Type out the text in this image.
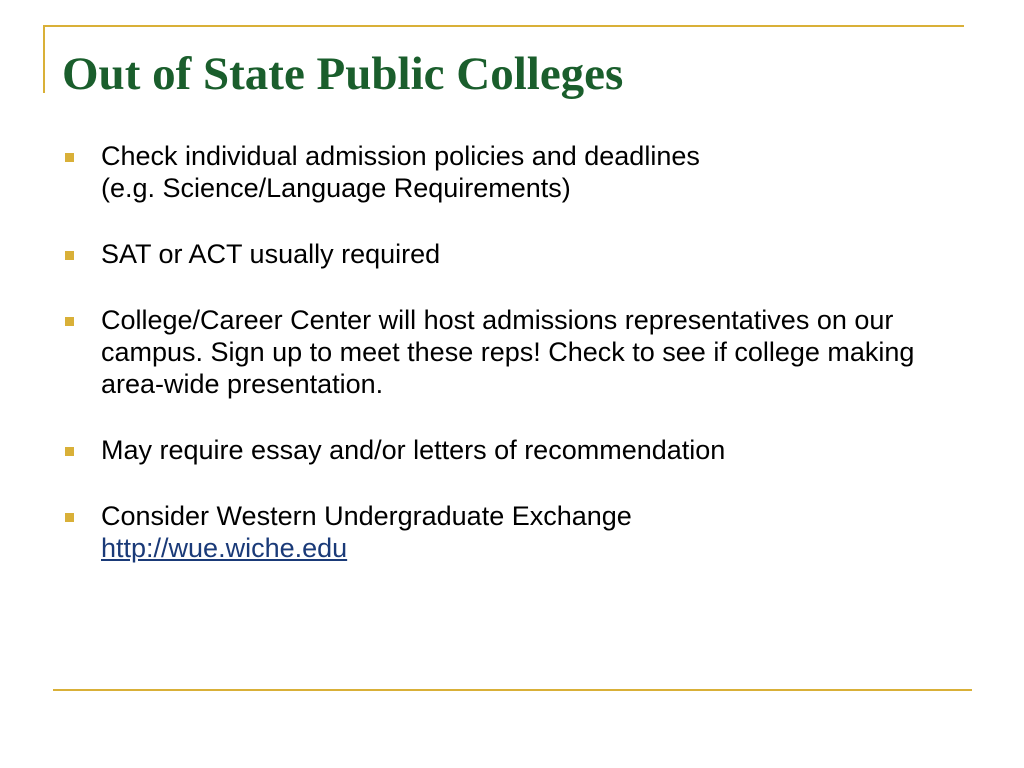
Out of State Public Colleges
Check individual admission policies and deadlines
(e.g. Science/Language Requirements)
SAT or ACT usually required
College/Career Center will host admissions representatives on our campus. Sign up to meet these reps! Check to see if college making area-wide presentation.
May require essay and/or letters of recommendation
Consider Western Undergraduate Exchange
http://wue.wiche.edu
